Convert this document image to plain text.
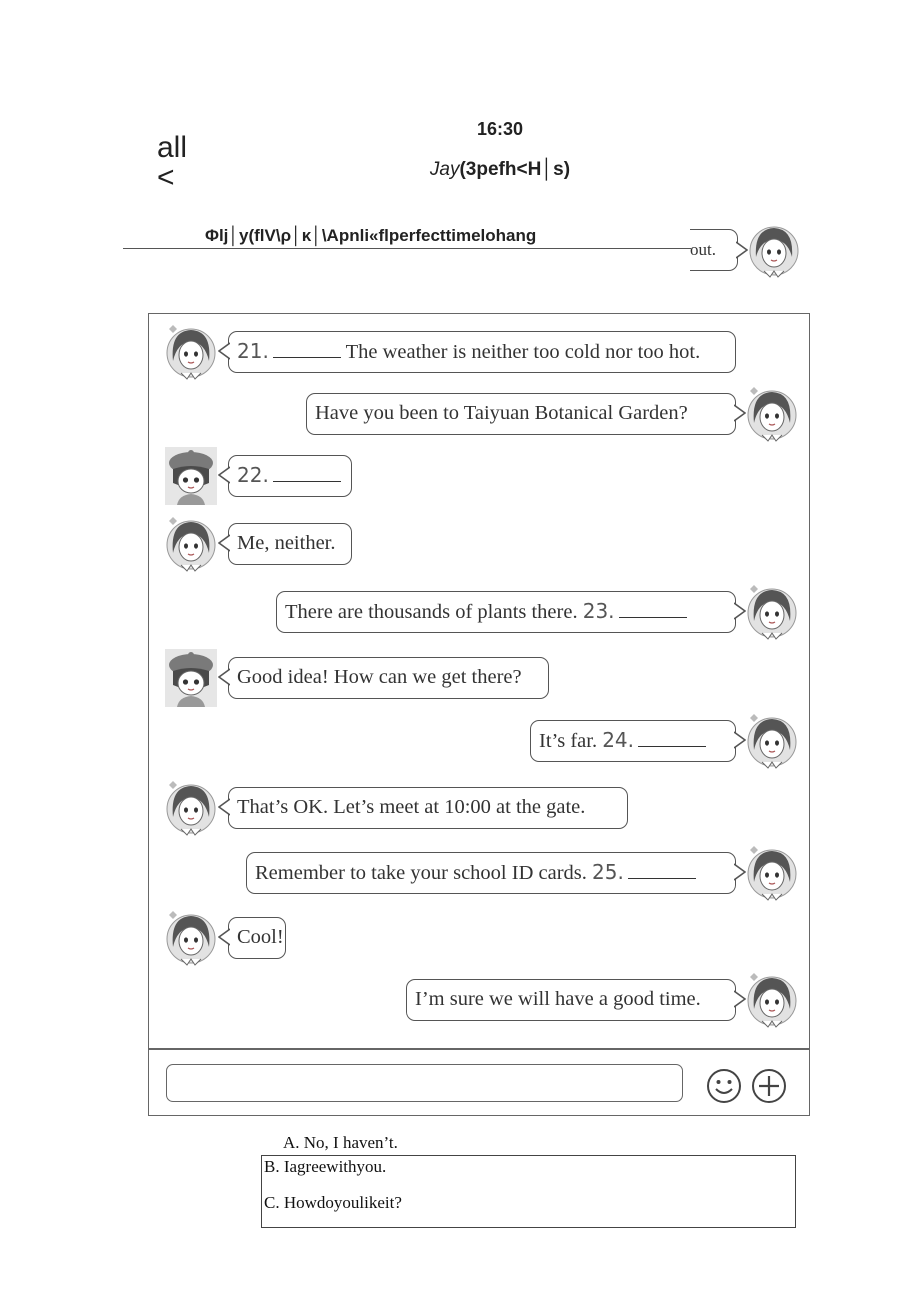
16:30
all
<	Jay(3pefh<H│s)
Φlj│y(flV\ρ│κ│\Apnli«flperfecttimelohang
out.
21.	The weather is neither too cold nor too hot.
Have you been to Taiyuan Botanical Garden?
22.
Me, neither.
There are thousands of plants there. 23.
Good idea! How can we get there?
It’s far. 24.
That’s OK. Let’s meet at 10:00 at the gate.
Remember to take your school ID cards. 25.
Cool!
I’m sure we will have a good time.
A. No, I haven’t.
B. Iagreewithyou.
C. Howdoyoulikeit?
